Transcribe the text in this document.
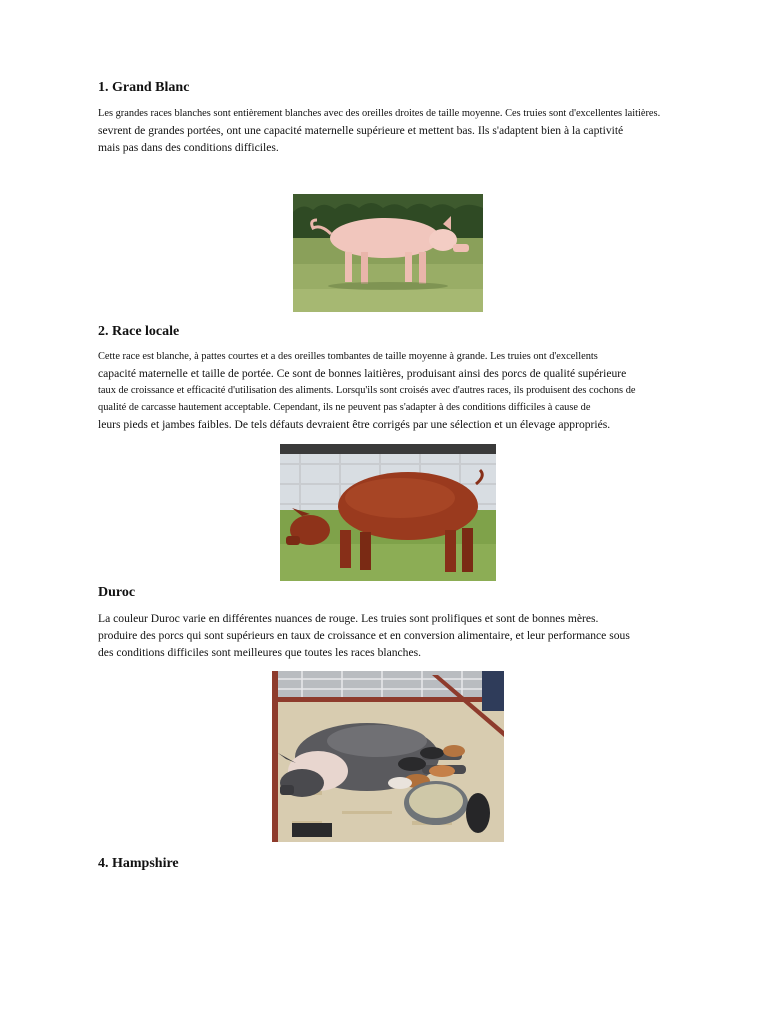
1. Grand Blanc

Les grandes races blanches sont entièrement blanches avec des oreilles droites de taille moyenne. Ces truies sont d'excellentes laitières.
sevrent de grandes portées, ont une capacité maternelle supérieure et mettent bas. Ils s'adaptent bien à la captivité
mais pas dans des conditions difficiles.

2. Race locale

Cette race est blanche, à pattes courtes et a des oreilles tombantes de taille moyenne à grande. Les truies ont d'excellents
capacité maternelle et taille de portée. Ce sont de bonnes laitières, produisant ainsi des porcs de qualité supérieure
taux de croissance et efficacité d'utilisation des aliments. Lorsqu'ils sont croisés avec d'autres races, ils produisent des cochons de
qualité de carcasse hautement acceptable. Cependant, ils ne peuvent pas s'adapter à des conditions difficiles à cause de
leurs pieds et jambes faibles. De tels défauts devraient être corrigés par une sélection et un élevage appropriés.

Duroc

La couleur Duroc varie en différentes nuances de rouge. Les truies sont prolifiques et sont de bonnes mères.
produire des porcs qui sont supérieurs en taux de croissance et en conversion alimentaire, et leur performance sous
des conditions difficiles sont meilleures que toutes les races blanches.

4. Hampshire
